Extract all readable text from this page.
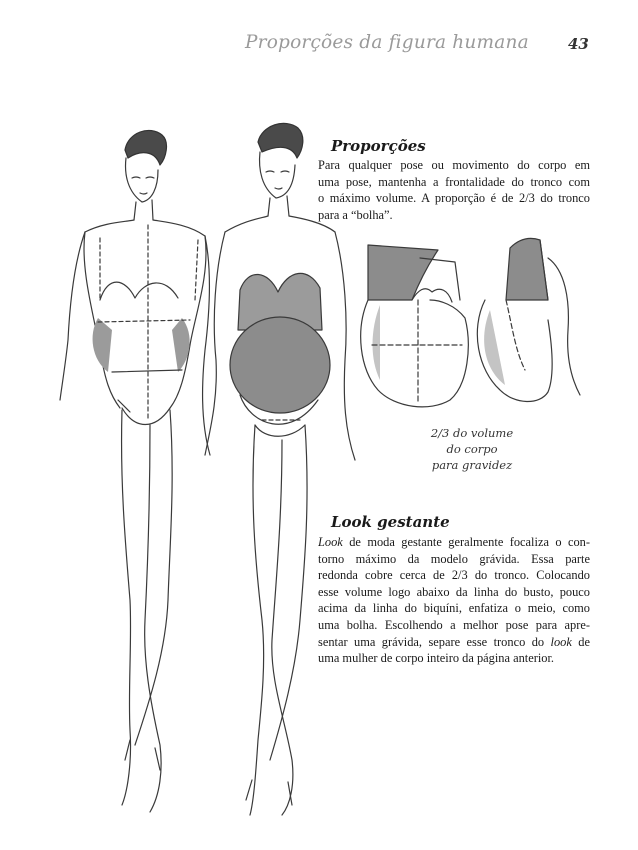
Proporções da figura humana	43
Proporções
Para qualquer pose ou movimento do corpo em
uma pose, mantenha a frontalidade do tronco com
o máximo volume. A proporção é de 2/3 do tronco
para a “bolha”.
2/3 do volume
do corpo
para gravidez
Look gestante
Look de moda gestante geralmente focaliza o con-
torno máximo da modelo grávida. Essa parte
redonda cobre cerca de 2/3 do tronco. Colocando
esse volume logo abaixo da linha do busto, pouco
acima da linha do biquíni, enfatiza o meio, como
uma bolha. Escolhendo a melhor pose para apre-
sentar uma grávida, separe esse tronco do look de
uma mulher de corpo inteiro da página anterior.
